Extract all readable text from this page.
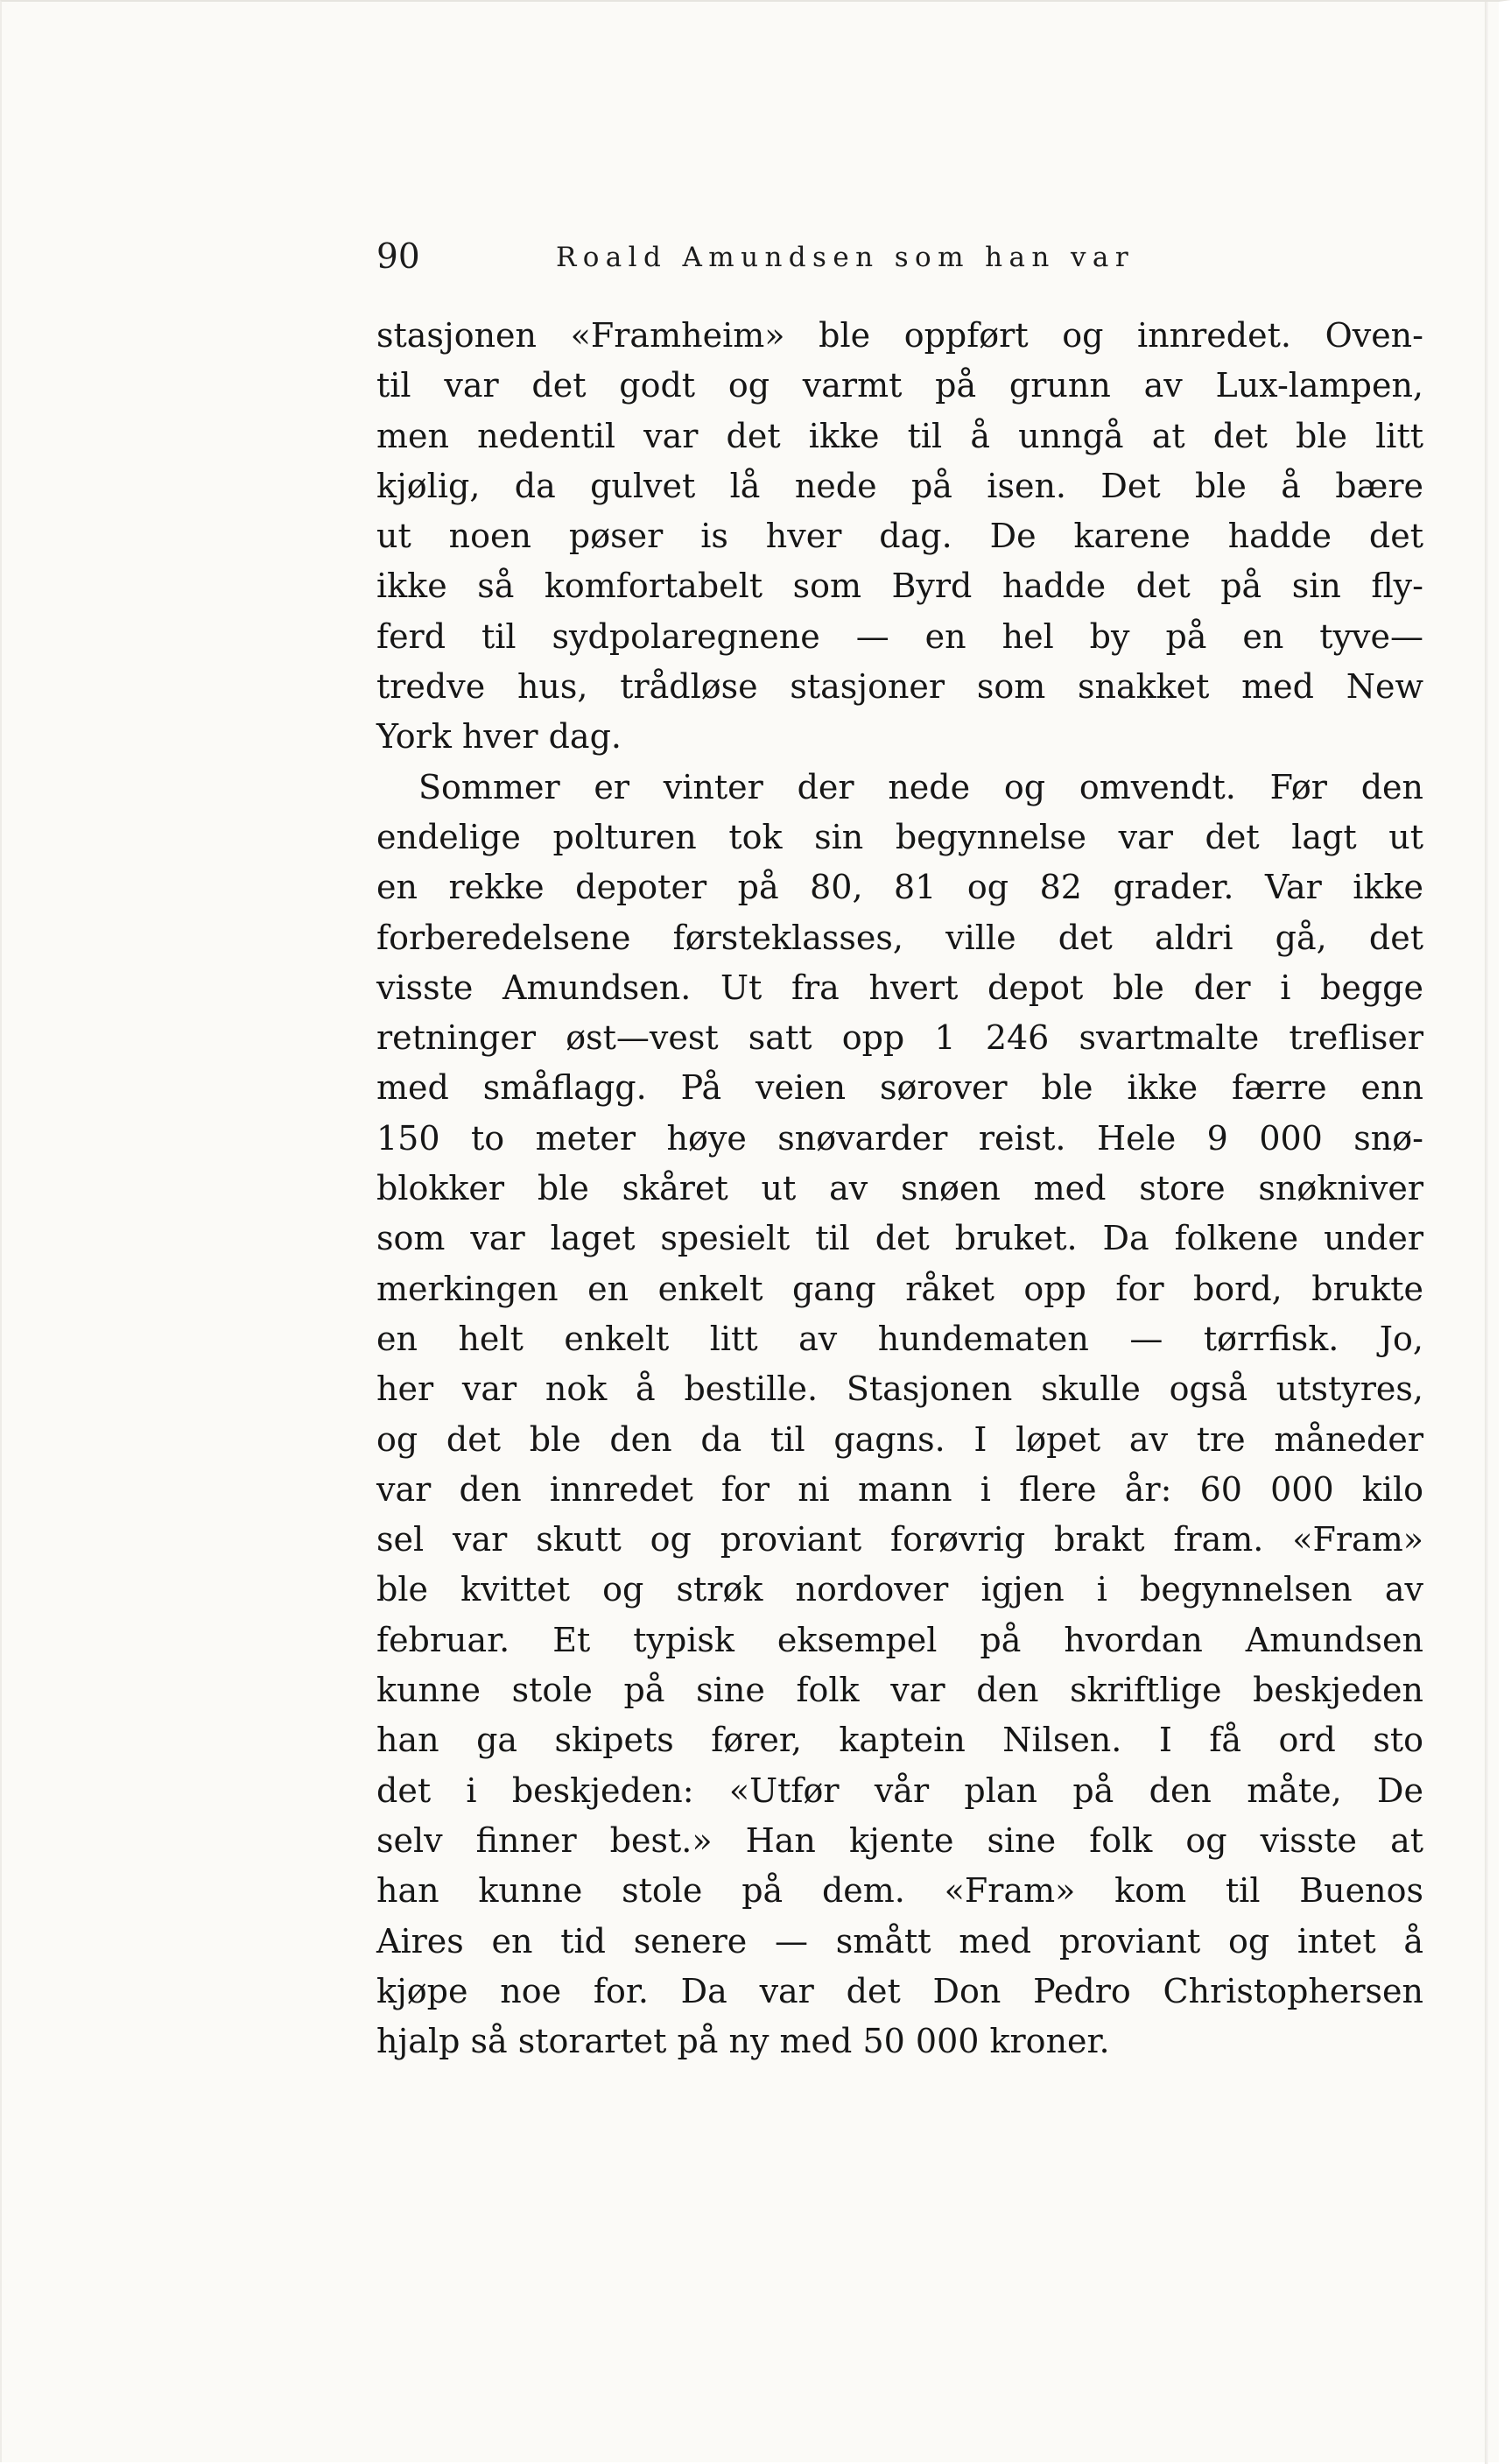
90	Roald Amundsen som han var
stasjonen «Framheim» ble oppført og innredet. Oven-
til var det godt og varmt på grunn av Lux-lampen,
men nedentil var det ikke til å unngå at det ble litt
kjølig, da gulvet lå nede på isen. Det ble å bære
ut noen pøser is hver dag. De karene hadde det
ikke så komfortabelt som Byrd hadde det på sin fly-
ferd til sydpolaregnene — en hel by på en tyve—
tredve hus, trådløse stasjoner som snakket med New
York hver dag.
Sommer er vinter der nede og omvendt. Før den
endelige polturen tok sin begynnelse var det lagt ut
en rekke depoter på 80, 81 og 82 grader. Var ikke
forberedelsene førsteklasses, ville det aldri gå, det
visste Amundsen. Ut fra hvert depot ble der i begge
retninger øst—vest satt opp 1 246 svartmalte trefliser
med småflagg. På veien sørover ble ikke færre enn
150 to meter høye snøvarder reist. Hele 9 000 snø-
blokker ble skåret ut av snøen med store snøkniver
som var laget spesielt til det bruket. Da folkene under
merkingen en enkelt gang råket opp for bord, brukte
en helt enkelt litt av hundematen — tørrfisk. Jo,
her var nok å bestille. Stasjonen skulle også utstyres,
og det ble den da til gagns. I løpet av tre måneder
var den innredet for ni mann i flere år: 60 000 kilo
sel var skutt og proviant forøvrig brakt fram. «Fram»
ble kvittet og strøk nordover igjen i begynnelsen av
februar. Et typisk eksempel på hvordan Amundsen
kunne stole på sine folk var den skriftlige beskjeden
han ga skipets fører, kaptein Nilsen. I få ord sto
det i beskjeden: «Utfør vår plan på den måte, De
selv finner best.» Han kjente sine folk og visste at
han kunne stole på dem. «Fram» kom til Buenos
Aires en tid senere — smått med proviant og intet å
kjøpe noe for. Da var det Don Pedro Christophersen
hjalp så storartet på ny med 50 000 kroner.
